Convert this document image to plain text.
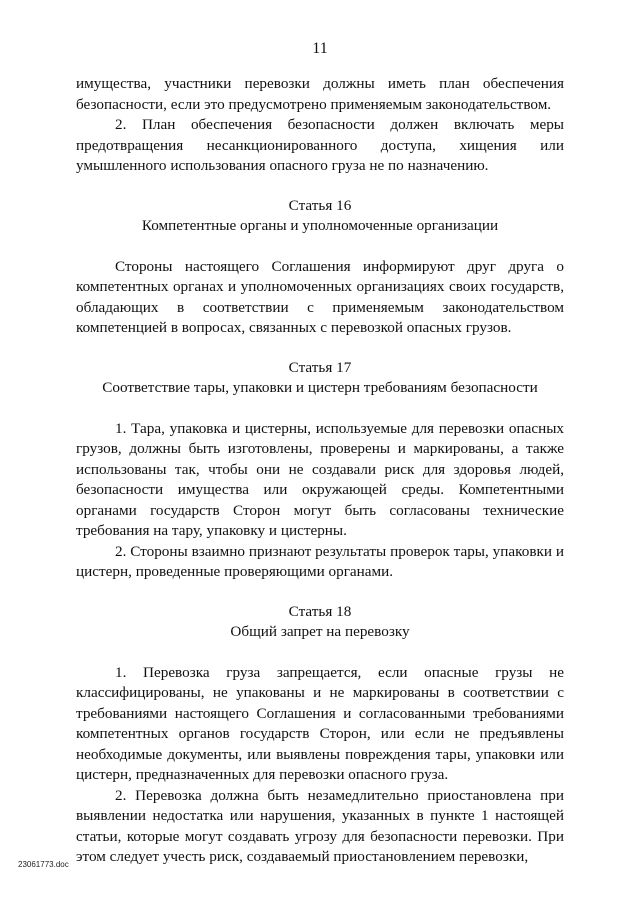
11

имущества, участники перевозки должны иметь план обеспечения безопасности, если это предусмотрено применяемым законодательством.

2. План обеспечения безопасности должен включать меры предотвращения несанкционированного доступа, хищения или умышленного использования опасного груза не по назначению.

Статья 16

Компетентные органы и уполномоченные организации

Стороны настоящего Соглашения информируют друг друга о компетентных органах и уполномоченных организациях своих государств, обладающих в соответствии с применяемым законодательством компетенцией в вопросах, связанных с перевозкой опасных грузов.

Статья 17

Соответствие тары, упаковки и цистерн требованиям безопасности

1. Тара, упаковка и цистерны, используемые для перевозки опасных грузов, должны быть изготовлены, проверены и маркированы, а также использованы так, чтобы они не создавали риск для здоровья людей, безопасности имущества или окружающей среды. Компетентными органами государств Сторон могут быть согласованы технические требования на тару, упаковку и цистерны.

2. Стороны взаимно признают результаты проверок тары, упаковки и цистерн, проведенные проверяющими органами.

Статья 18

Общий запрет на перевозку

1. Перевозка груза запрещается, если опасные грузы не классифицированы, не упакованы и не маркированы в соответствии с требованиями настоящего Соглашения и согласованными требованиями компетентных органов государств Сторон, или если не предъявлены необходимые документы, или выявлены повреждения тары, упаковки или цистерн, предназначенных для перевозки опасного груза.

2. Перевозка должна быть незамедлительно приостановлена при выявлении недостатка или нарушения, указанных в пункте 1 настоящей статьи, которые могут создавать угрозу для безопасности перевозки. При этом следует учесть риск, создаваемый приостановлением перевозки,

23061773.doc
